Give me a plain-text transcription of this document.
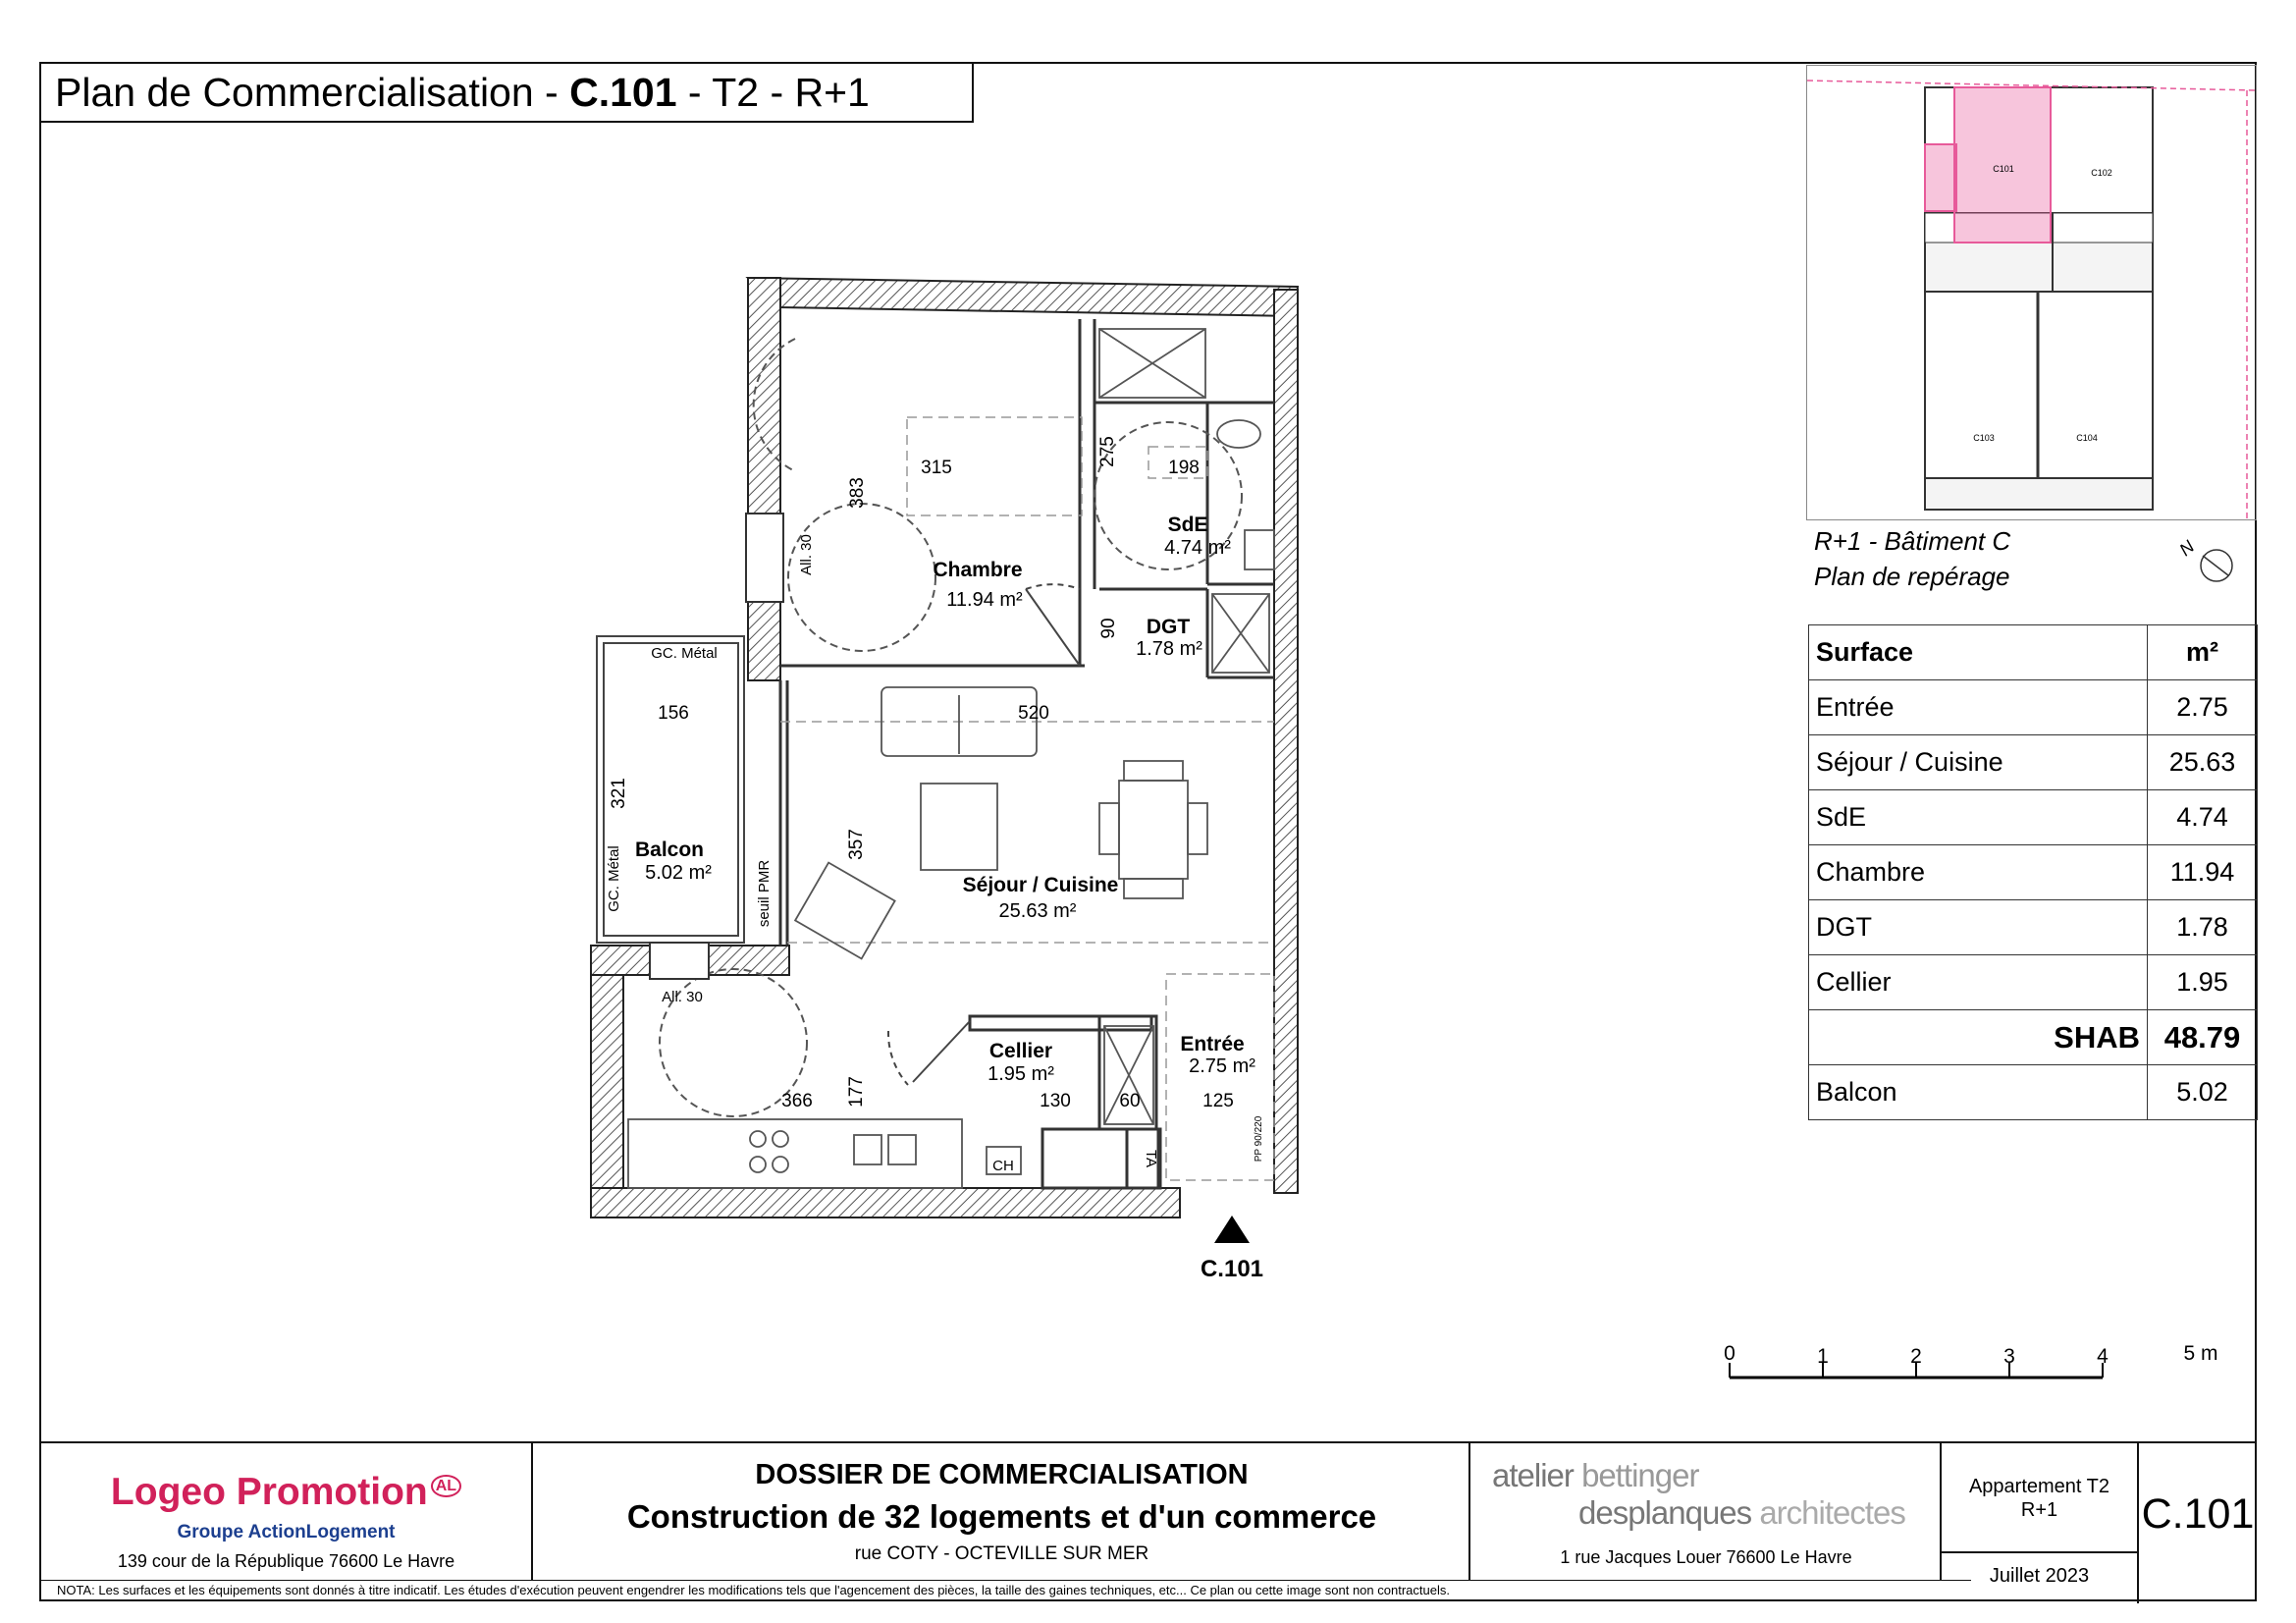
Plan de Commercialisation - C.101 - T2 - R+1
Chambre
11.94 m²
SdE
4.74 m²
DGT
1.78 m²
Séjour / Cuisine
25.63 m²
Cellier
1.95 m²
Entrée
2.75 m²
Balcon
5.02 m²
315
383
275
198
90
520
156
321
357
366 177	130	60	125
GC. Métal
GC. Métal
All. 30
All. 30
seuil PMR
CH	TA	PP 90/220
C.101
0	1	2	3	4	5 m
C101	C102
C103	C104
R+1 - Bâtiment C
Plan de repérage
N
Surface	m²
Entrée	2.75
Séjour / Cuisine	25.63
SdE	4.74
Chambre	11.94
DGT	1.78
Cellier	1.95
SHAB	48.79
Balcon	5.02
Logeo Promotion $^{AL}$
Groupe ActionLogement
139 cour de la République 76600 Le Havre
DOSSIER DE COMMERCIALISATION
Construction de 32 logements et d'un commerce
rue COTY - OCTEVILLE SUR MER
atelier bettinger
desplanques architectes
1 rue Jacques Louer 76600 Le Havre
Appartement T2
R+1
Juillet 2023
C.101
NOTA: Les surfaces et les équipements sont donnés à titre indicatif. Les études d'exécution peuvent engendrer les modifications tels que l'agencement des pièces, la taille des gaines techniques, etc... Ce plan ou cette image sont non contractuels.
